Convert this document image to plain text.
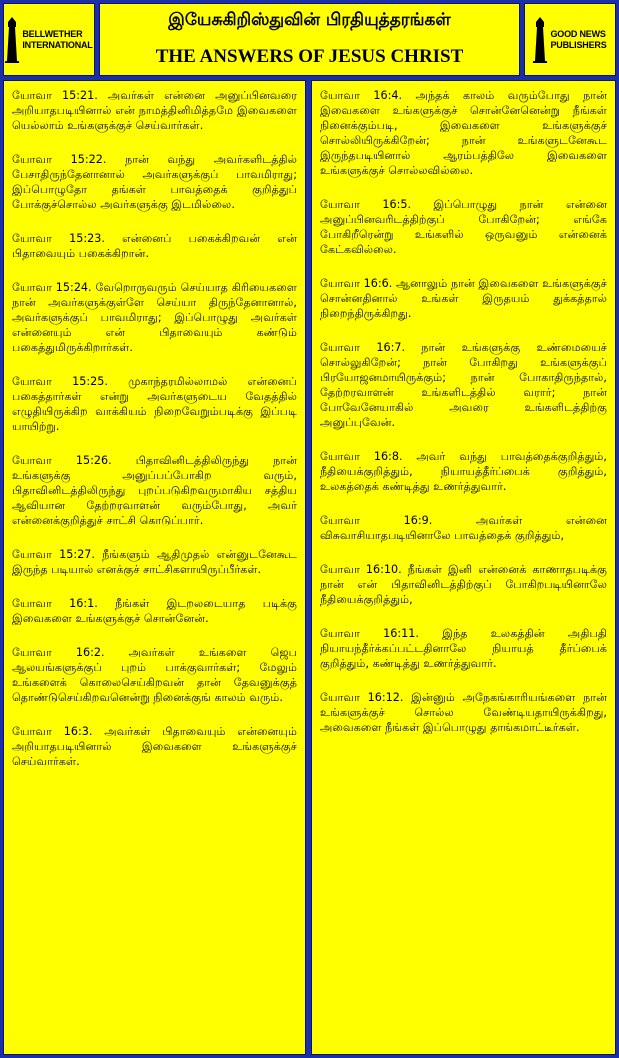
BELLWETHER
INTERNATIONAL
இயேசுகிறிஸ்துவின் பிரதியுத்தரங்கள்
THE ANSWERS OF JESUS CHRIST
GOOD NEWS
PUBLISHERS

யோவா 15:21. அவர்கள் என்னை அனுப்பினவரை அறியாதபடியினால் என் நாமத்தினிமித்தமே இவைகளை யெல்லாம் உங்களுக்குச் செய்வார்கள்.

யோவா 15:22. நான் வந்து அவர்களிடத்தில் பேசாதிருந்தேனானால் அவர்களுக்குப் பாவமிராது; இப்பொழுதோ தங்கள் பாவத்தைக் குறித்துப் போக்குச்சொல்ல அவர்களுக்கு இடமில்லை.

யோவா 15:23. என்னைப் பகைக்கிறவன் என் பிதாவையும் பகைக்கிறான்.

யோவா 15:24. வேறொருவரும் செய்யாத கிரியைகளை நான் அவர்களுக்குள்ளே செய்யா திருந்தேனானால், அவர்களுக்குப் பாவமிராது; இப்பொழுது அவர்கள் என்னையும் என் பிதாவையும் கண்டும் பகைத்துமிருக்கிறார்கள்.

யோவா 15:25. முகாந்தரமில்லாமல் என்னைப் பகைத்தார்கள் என்று அவர்களுடைய வேதத்தில் எழுதியிருக்கிற வாக்கியம் நிறைவேறும்படிக்கு இப்படி யாயிற்று.

யோவா 15:26. பிதாவினிடத்திலிருந்து நான் உங்களுக்கு அனுப்பப்போகிற வரும், பிதாவினிடத்திலிருந்து புறப்படுகிறவருமாகிய சத்திய ஆவியான தேற்றரவாளன் வரும்போது, அவர் என்னைக்குறித்துச் சாட்சி கொடுப்பார்.

யோவா 15:27. நீங்களும் ஆதிமுதல் என்னுடனேகூட இருந்த படியால் எனக்குச் சாட்சிகளாயிருப்பீர்கள்.

யோவா 16:1. நீங்கள் இடறலடையாத படிக்கு இவைகளை உங்களுக்குச் சொன்னேன்.

யோவா 16:2. அவர்கள் உங்களை ஜெப ஆலயங்களுக்குப் புறம் பாக்குவார்கள்; மேலும் உங்களைக் கொலைசெய்கிறவன் தான் தேவனுக்குத் தொண்டுசெய்கிறவனென்று நினைக்குங் காலம் வரும்.

யோவா 16:3. அவர்கள் பிதாவையும் என்னையும் அறியாதபடியினால் இவைகளை உங்களுக்குச் செய்வார்கள்.

யோவா 16:4. அந்தக் காலம் வரும்போது நான் இவைகளை உங்களுக்குச் சொன்னேனென்று நீங்கள் நினைக்கும்படி, இவைகளை உங்களுக்குச் சொல்லியிருக்கிறேன்; நான் உங்களுடனேகூட இருந்தபடியினால் ஆரம்பத்திலே இவைகளை உங்களுக்குச் சொல்லவில்லை.

யோவா 16:5. இப்பொழுது நான் என்னை அனுப்பினவரிடத்திற்குப் போகிறேன்; எங்கே போகிறீரென்று உங்களில் ஒருவனும் என்னைக் கேட்கவில்லை.

யோவா 16:6. ஆனாலும் நான் இவைகளை உங்களுக்குச் சொன்னதினால் உங்கள் இருதயம் துக்கத்தால் நிறைந்திருக்கிறது.

யோவா 16:7. நான் உங்களுக்கு உண்மையைச் சொல்லுகிறேன்; நான் போகிறது உங்களுக்குப் பிரயோஜனமாயிருக்கும்; நான் போகாதிருந்தால், தேற்றரவாளன் உங்களிடத்தில் வரார்; நான் போவேனேயாகில் அவரை உங்களிடத்திற்கு அனுப்புவேன்.

யோவா 16:8. அவர் வந்து பாவத்தைக்குறித்தும், நீதியைக்குறித்தும், நியாயத்தீர்ப்பைக் குறித்தும், உலகத்தைக் கண்டித்து உணர்த்துவார்.

யோவா 16:9.	அவர்கள் என்னை விசுவாசியாதபடியினாலே பாவத்தைக் குறித்தும்,

யோவா 16:10. நீங்கள் இனி என்னைக் காணாதபடிக்கு நான் என் பிதாவினிடத்திற்குப் போகிறபடியினாலே நீதியைக்குறித்தும்,

யோவா 16:11. இந்த உலகத்தின் அதிபதி நியாயந்தீர்க்கப்பட்டதினாலே நியாயத் தீர்ப்பைக் குறித்தும், கண்டித்து உணர்த்துவார்.

யோவா 16:12. இன்னும் அநேகங்காரியங்களை நான் உங்களுக்குச் சொல்ல வேண்டியதாயிருக்கிறது, அவைகளை நீங்கள் இப்பொழுது தாங்கமாட்டீர்கள்.
